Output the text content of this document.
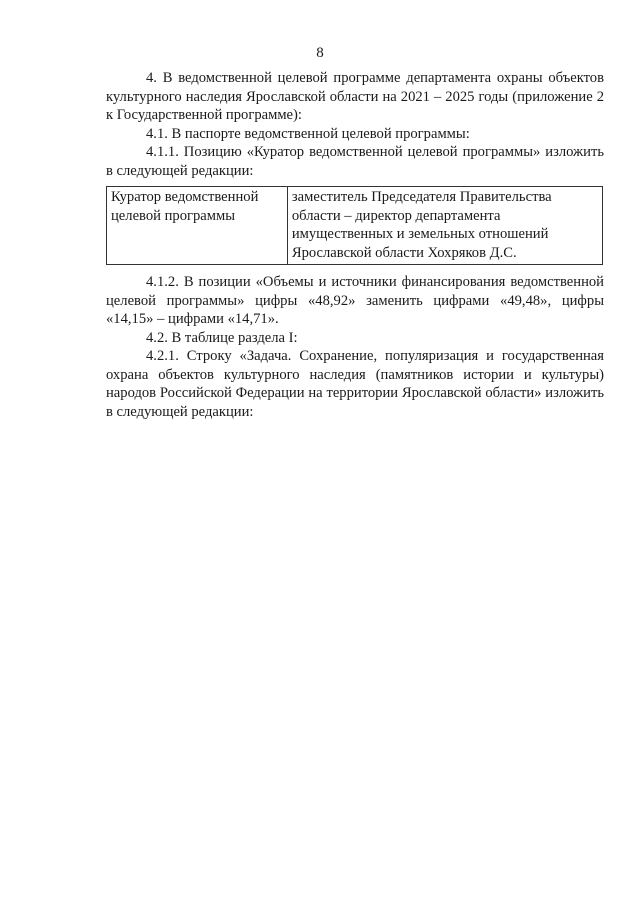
8

4. В ведомственной целевой программе департамента охраны объектов культурного наследия Ярославской области на 2021 – 2025 годы (приложение 2 к Государственной программе):

4.1. В паспорте ведомственной целевой программы:

4.1.1. Позицию «Куратор ведомственной целевой программы» изложить в следующей редакции:

Куратор ведомственной целевой программы	заместитель Председателя Правительства области – директор департамента имущественных и земельных отношений Ярославской области Хохряков Д.С.

4.1.2. В позиции «Объемы и источники финансирования ведомственной целевой программы» цифры «48,92» заменить цифрами «49,48», цифры «14,15» – цифрами «14,71».

4.2. В таблице раздела I:

4.2.1. Строку «Задача. Сохранение, популяризация и государственная охрана объектов культурного наследия (памятников истории и культуры) народов Российской Федерации на территории Ярославской области» изложить в следующей редакции:
